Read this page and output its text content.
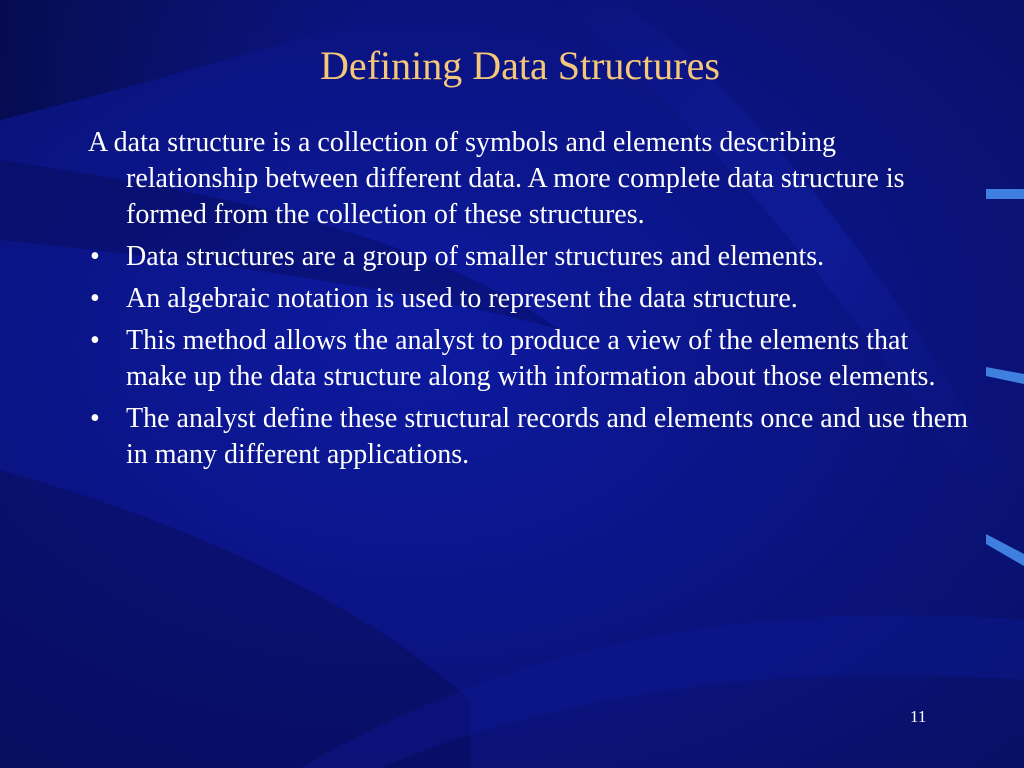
Defining Data Structures

A data structure is a collection of symbols and elements describing relationship between different data. A more complete data structure is formed from the collection of these structures.

• Data structures are a group of smaller structures and elements.
• An algebraic notation is used to represent the data structure.
• This method allows the analyst to produce a view of the elements that make up the data structure along with information about those elements.
• The analyst define these structural records and elements once and use them in many different applications.
11
